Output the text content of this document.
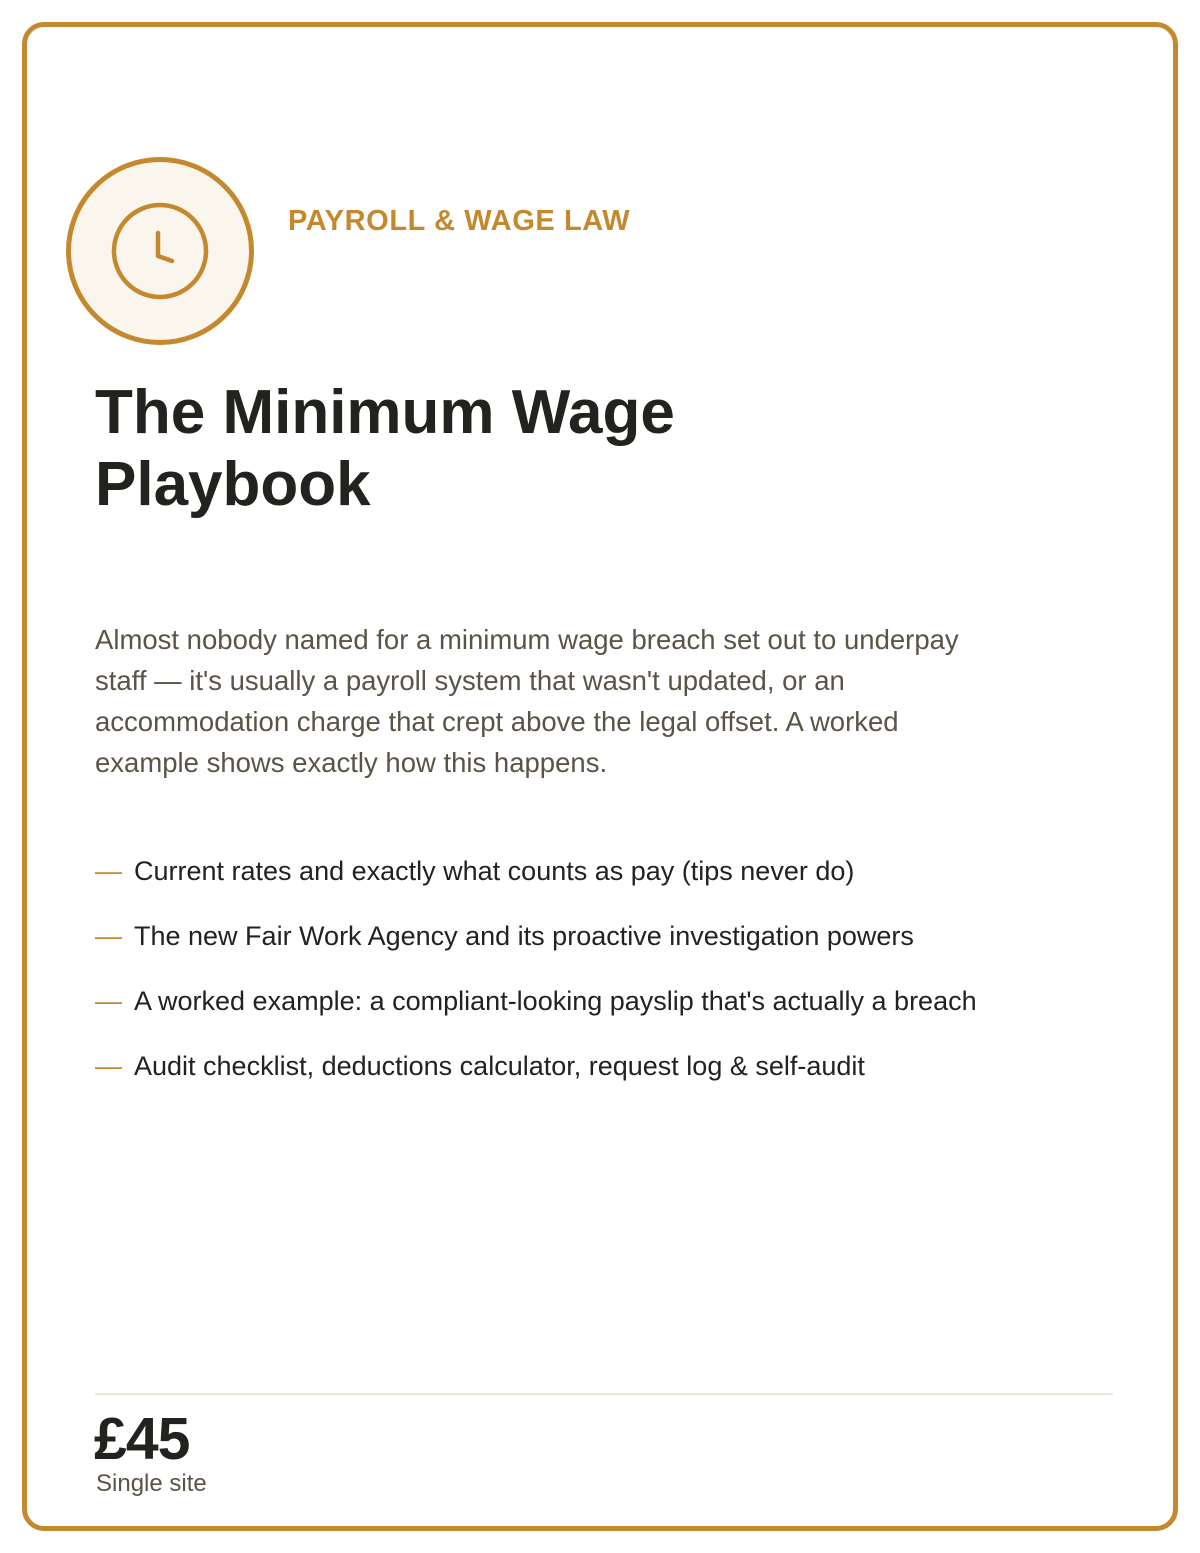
PAYROLL & WAGE LAW

The Minimum Wage Playbook

Almost nobody named for a minimum wage breach set out to underpay staff — it's usually a payroll system that wasn't updated, or an accommodation charge that crept above the legal offset. A worked example shows exactly how this happens.

— Current rates and exactly what counts as pay (tips never do)
— The new Fair Work Agency and its proactive investigation powers
— A worked example: a compliant-looking payslip that's actually a breach
— Audit checklist, deductions calculator, request log & self-audit

£45

Single site
